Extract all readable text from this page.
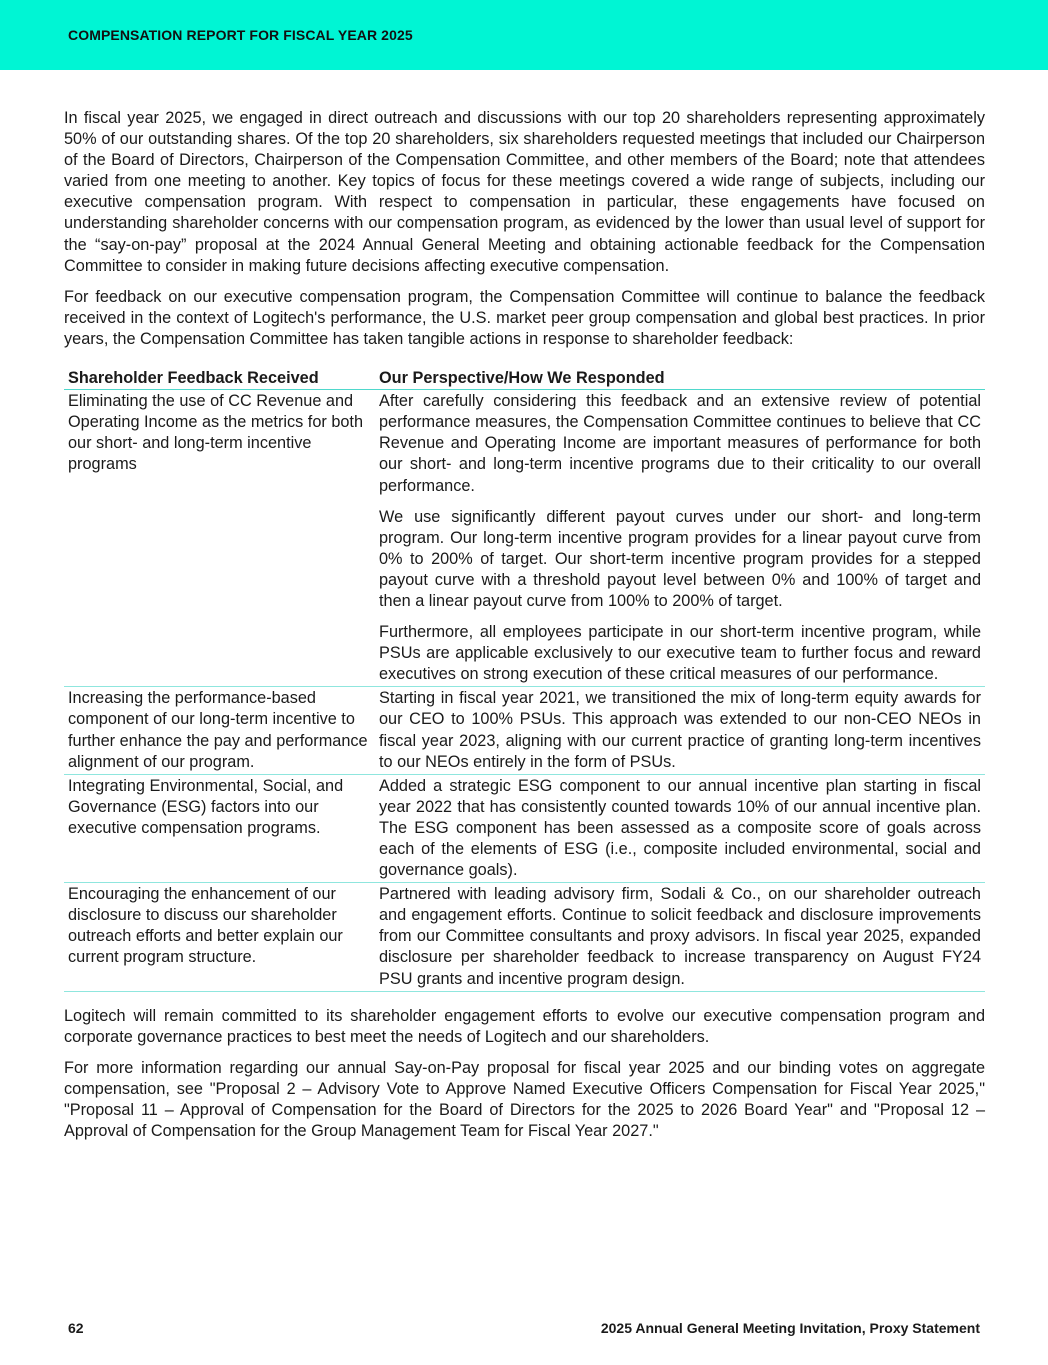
COMPENSATION REPORT FOR FISCAL YEAR 2025

In fiscal year 2025, we engaged in direct outreach and discussions with our top 20 shareholders representing approximately 50% of our outstanding shares. Of the top 20 shareholders, six shareholders requested meetings that included our Chairperson of the Board of Directors, Chairperson of the Compensation Committee, and other members of the Board; note that attendees varied from one meeting to another. Key topics of focus for these meetings covered a wide range of subjects, including our executive compensation program. With respect to compensation in particular, these engagements have focused on understanding shareholder concerns with our compensation program, as evidenced by the lower than usual level of support for the “say-on-pay” proposal at the 2024 Annual General Meeting and obtaining actionable feedback for the Compensation Committee to consider in making future decisions affecting executive compensation.

For feedback on our executive compensation program, the Compensation Committee will continue to balance the feedback received in the context of Logitech's performance, the U.S. market peer group compensation and global best practices. In prior years, the Compensation Committee has taken tangible actions in response to shareholder feedback:

Shareholder Feedback Received	Our Perspective/How We Responded
Eliminating the use of CC Revenue and Operating Income as the metrics for both our short- and long-term incentive programs	After carefully considering this feedback and an extensive review of potential performance measures, the Compensation Committee continues to believe that CC Revenue and Operating Income are important measures of performance for both our short- and long-term incentive programs due to their criticality to our overall performance.

We use significantly different payout curves under our short- and long-term program. Our long-term incentive program provides for a linear payout curve from 0% to 200% of target. Our short-term incentive program provides for a stepped payout curve with a threshold payout level between 0% and 100% of target and then a linear payout curve from 100% to 200% of target.

Furthermore, all employees participate in our short-term incentive program, while PSUs are applicable exclusively to our executive team to further focus and reward executives on strong execution of these critical measures of our performance.

Increasing the performance-based component of our long-term incentive to further enhance the pay and performance alignment of our program.	Starting in fiscal year 2021, we transitioned the mix of long-term equity awards for our CEO to 100% PSUs. This approach was extended to our non-CEO NEOs in fiscal year 2023, aligning with our current practice of granting long-term incentives to our NEOs entirely in the form of PSUs.

Integrating Environmental, Social, and Governance (ESG) factors into our executive compensation programs.	Added a strategic ESG component to our annual incentive plan starting in fiscal year 2022 that has consistently counted towards 10% of our annual incentive plan. The ESG component has been assessed as a composite score of goals across each of the elements of ESG (i.e., composite included environmental, social and governance goals).

Encouraging the enhancement of our disclosure to discuss our shareholder outreach efforts and better explain our current program structure.	Partnered with leading advisory firm, Sodali & Co., on our shareholder outreach and engagement efforts. Continue to solicit feedback and disclosure improvements from our Committee consultants and proxy advisors. In fiscal year 2025, expanded disclosure per shareholder feedback to increase transparency on August FY24 PSU grants and incentive program design.

Logitech will remain committed to its shareholder engagement efforts to evolve our executive compensation program and corporate governance practices to best meet the needs of Logitech and our shareholders.

For more information regarding our annual Say-on-Pay proposal for fiscal year 2025 and our binding votes on aggregate compensation, see "Proposal 2 – Advisory Vote to Approve Named Executive Officers Compensation for Fiscal Year 2025," "Proposal 11 – Approval of Compensation for the Board of Directors for the 2025 to 2026 Board Year" and "Proposal 12 – Approval of Compensation for the Group Management Team for Fiscal Year 2027."

62	2025 Annual General Meeting Invitation, Proxy Statement
